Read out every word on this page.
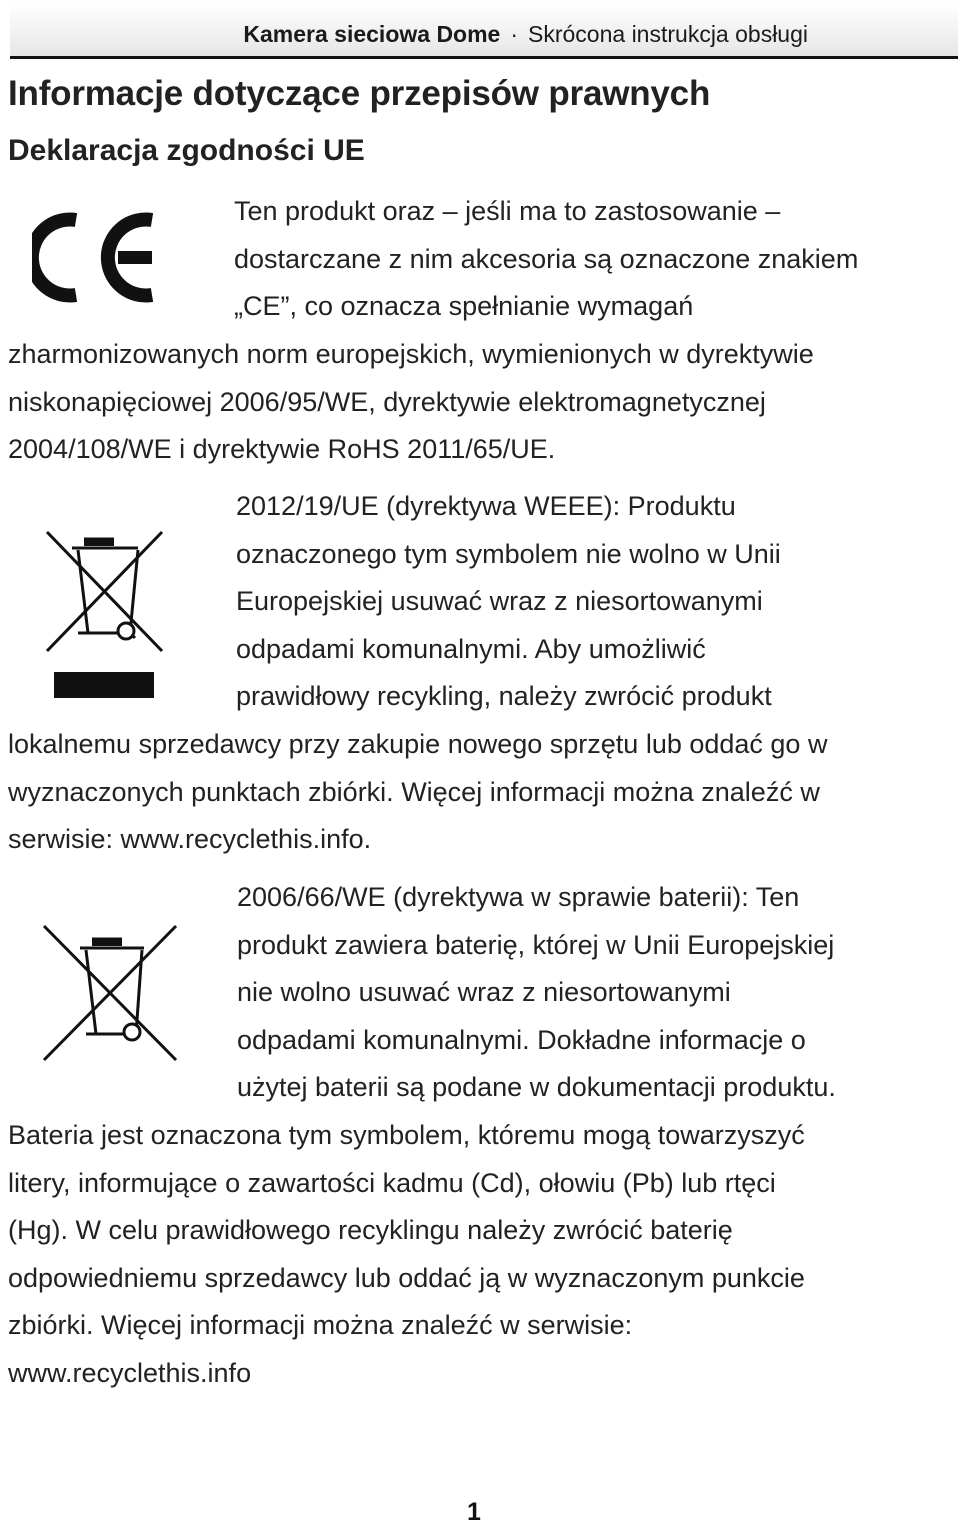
Kamera sieciowa Dome · Skrócona instrukcja obsługi
Informacje dotyczące przepisów prawnych
Deklaracja zgodności UE
Ten produkt oraz – jeśli ma to zastosowanie –
dostarczane z nim akcesoria są oznaczone znakiem
„CE”, co oznacza spełnianie wymagań
zharmonizowanych norm europejskich, wymienionych w dyrektywie
niskonapięciowej 2006/95/WE, dyrektywie elektromagnetycznej
2004/108/WE i dyrektywie RoHS 2011/65/UE.
2012/19/UE (dyrektywa WEEE): Produktu
oznaczonego tym symbolem nie wolno w Unii
Europejskiej usuwać wraz z niesortowanymi
odpadami komunalnymi. Aby umożliwić
prawidłowy recykling, należy zwrócić produkt
lokalnemu sprzedawcy przy zakupie nowego sprzętu lub oddać go w
wyznaczonych punktach zbiórki. Więcej informacji można znaleźć w
serwisie: www.recyclethis.info.
2006/66/WE (dyrektywa w sprawie baterii): Ten
produkt zawiera baterię, której w Unii Europejskiej
nie wolno usuwać wraz z niesortowanymi
odpadami komunalnymi. Dokładne informacje o
użytej baterii są podane w dokumentacji produktu.
Bateria jest oznaczona tym symbolem, któremu mogą towarzyszyć
litery, informujące o zawartości kadmu (Cd), ołowiu (Pb) lub rtęci
(Hg). W celu prawidłowego recyklingu należy zwrócić baterię
odpowiedniemu sprzedawcy lub oddać ją w wyznaczonym punkcie
zbiórki. Więcej informacji można znaleźć w serwisie:
www.recyclethis.info
1
